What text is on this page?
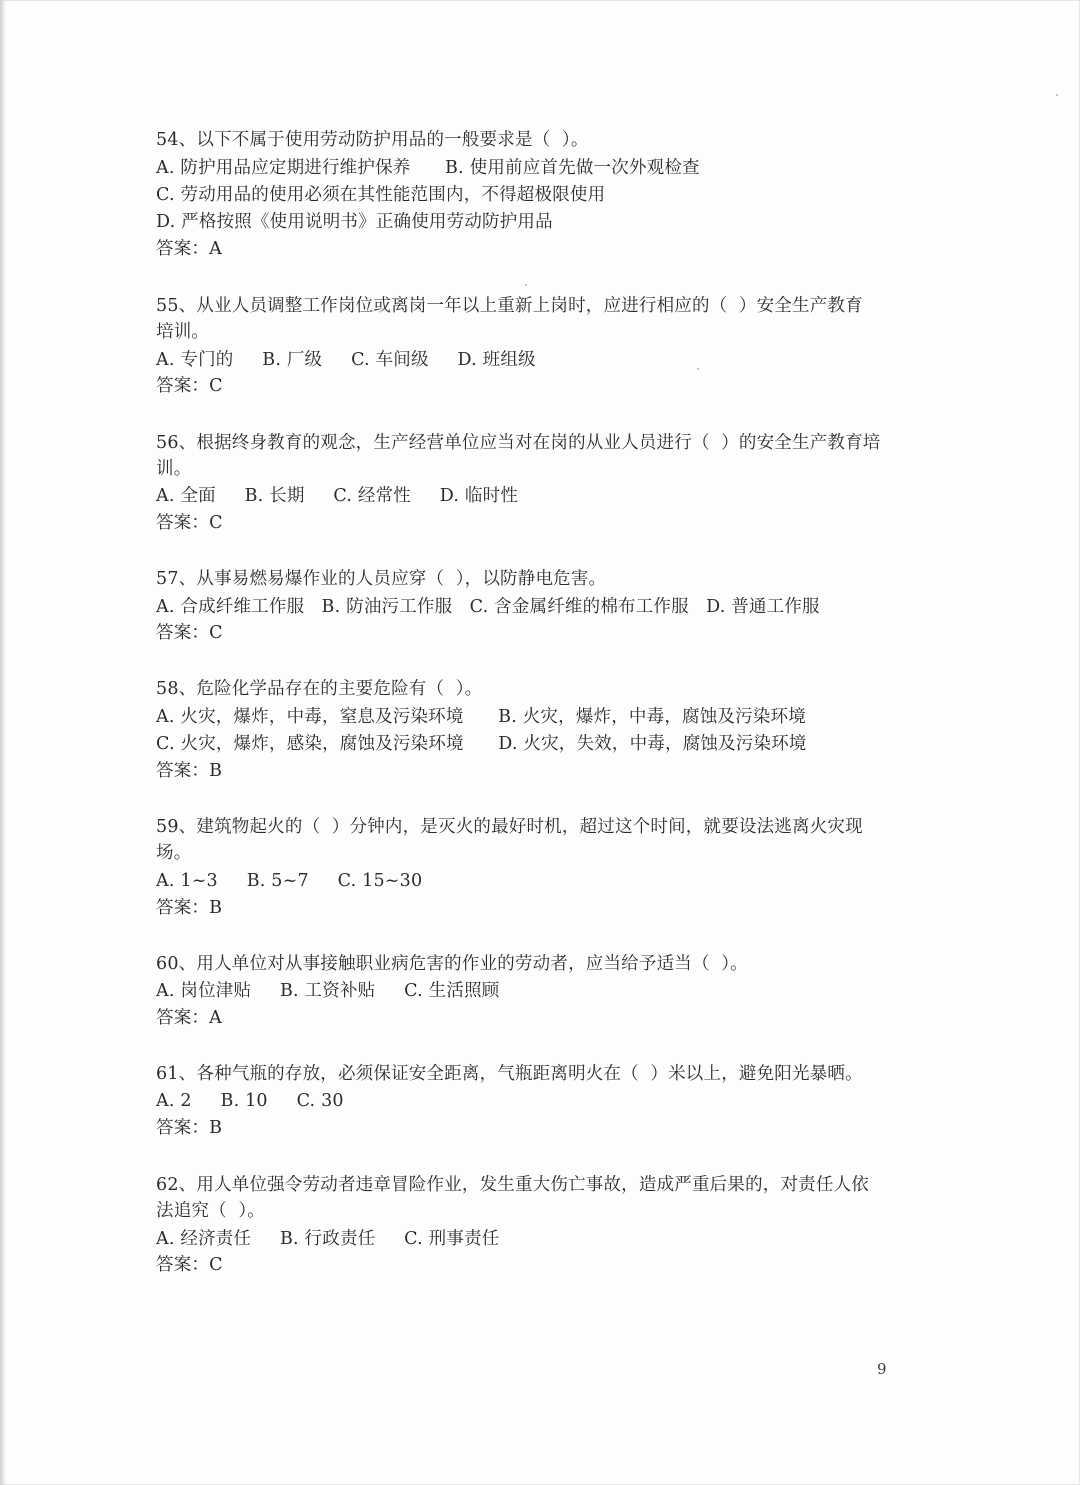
54、以下不属于使用劳动防护用品的一般要求是（  ）。
A. 防护用品应定期进行维护保养      B. 使用前应首先做一次外观检查
C. 劳动用品的使用必须在其性能范围内，不得超极限使用
D. 严格按照《使用说明书》正确使用劳动防护用品
答案：A
55、从业人员调整工作岗位或离岗一年以上重新上岗时，应进行相应的（  ）安全生产教育
培训。
A. 专门的     B. 厂级     C. 车间级     D. 班组级
答案：C
56、根据终身教育的观念，生产经营单位应当对在岗的从业人员进行（  ）的安全生产教育培
训。
A. 全面     B. 长期     C. 经常性     D. 临时性
答案：C
57、从事易燃易爆作业的人员应穿（  ），以防静电危害。
A. 合成纤维工作服   B. 防油污工作服   C. 含金属纤维的棉布工作服   D. 普通工作服
答案：C
58、危险化学品存在的主要危险有（  ）。
A. 火灾，爆炸，中毒，窒息及污染环境      B. 火灾，爆炸，中毒，腐蚀及污染环境
C. 火灾，爆炸，感染，腐蚀及污染环境      D. 火灾，失效，中毒，腐蚀及污染环境
答案：B
59、建筑物起火的（  ）分钟内，是灭火的最好时机，超过这个时间，就要设法逃离火灾现
场。
A. 1~3     B. 5~7     C. 15~30
答案：B
60、用人单位对从事接触职业病危害的作业的劳动者，应当给予适当（  ）。
A. 岗位津贴     B. 工资补贴     C. 生活照顾
答案：A
61、各种气瓶的存放，必须保证安全距离，气瓶距离明火在（  ）米以上，避免阳光暴晒。
A. 2     B. 10     C. 30
答案：B
62、用人单位强令劳动者违章冒险作业，发生重大伤亡事故，造成严重后果的，对责任人依
法追究（  ）。
A. 经济责任     B. 行政责任     C. 刑事责任
答案：C
9
